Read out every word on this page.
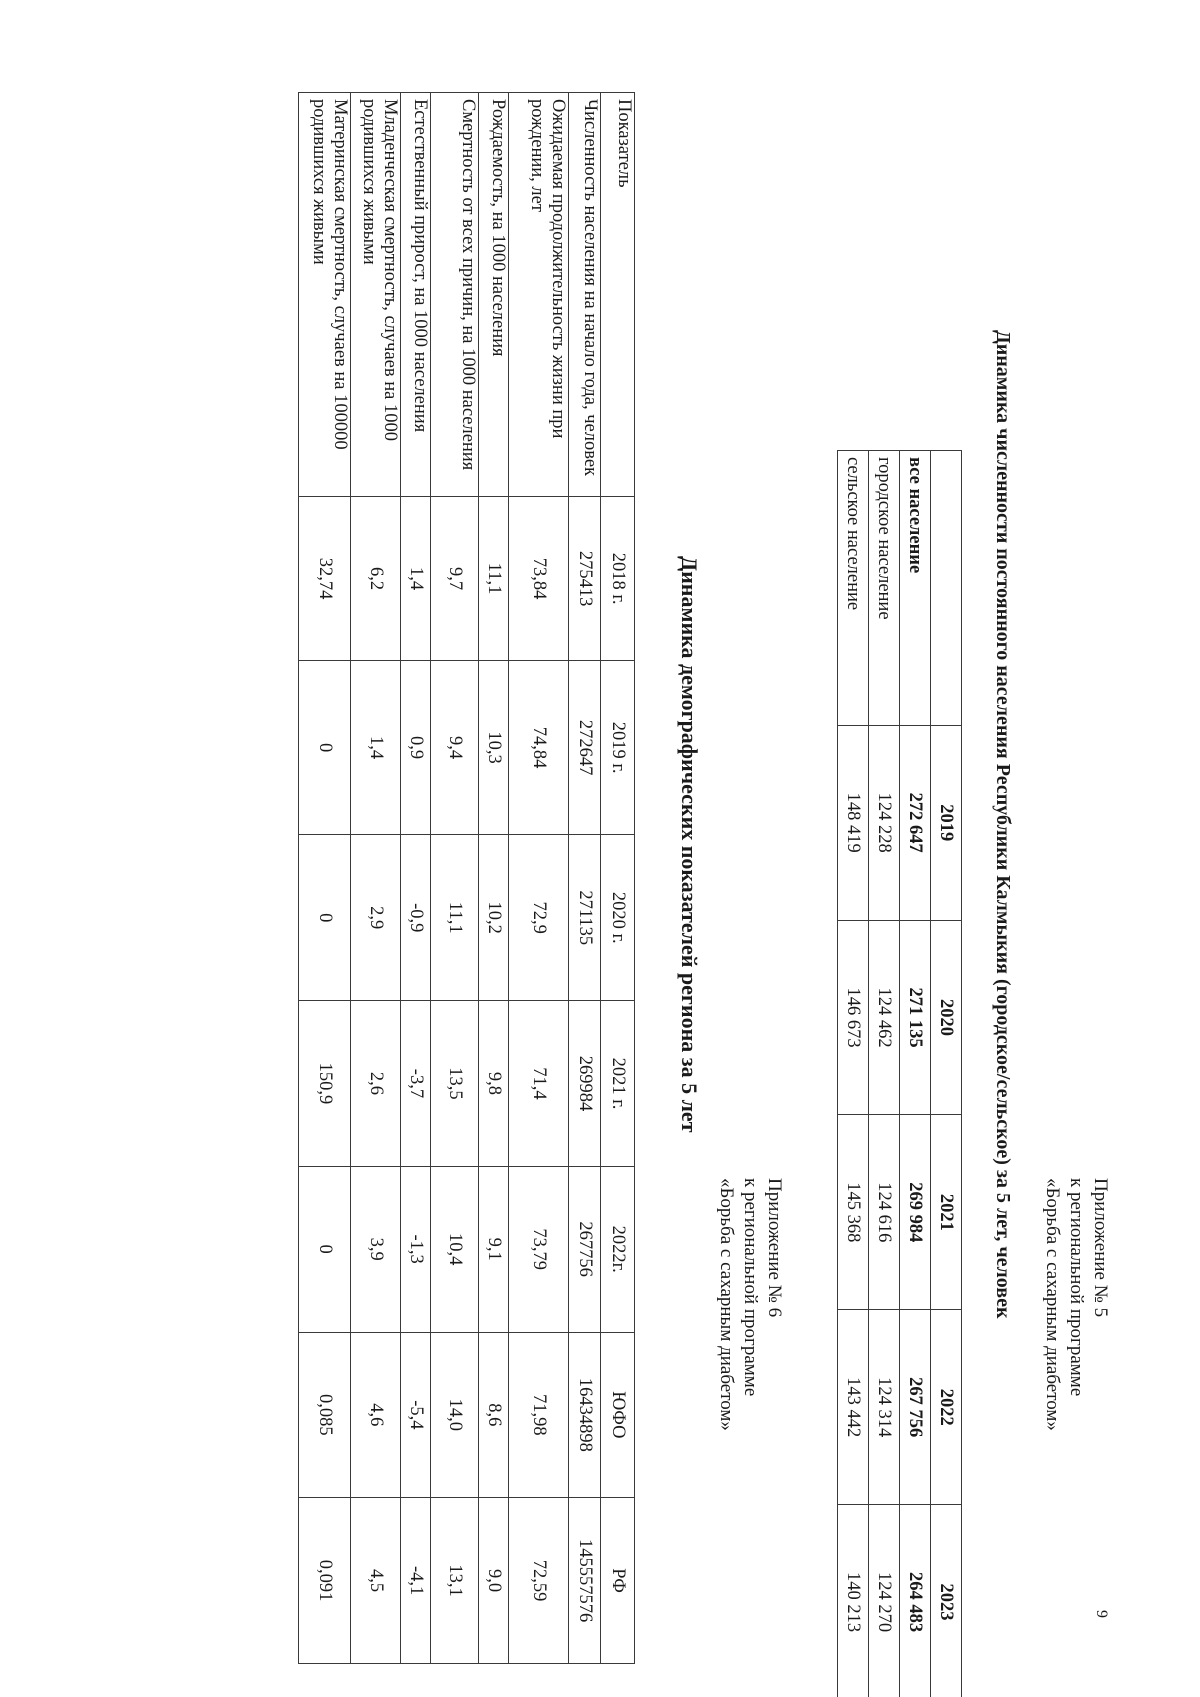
Приложение № 5
к региональной программе
«Борьба с сахарным диабетом»
Динамика численности постоянного населения Республики Калмыкия (городское/сельское) за 5 лет, человек
	2019	2020	2021	2022	2023
все население	272 647	271 135	269 984	267 756	264 483
городское население	124 228	124 462	124 616	124 314	124 270
сельское население	148 419	146 673	145 368	143 442	140 213
Приложение № 6
к региональной программе
«Борьба с сахарным диабетом»
Динамика демографических показателей региона за 5 лет
Показатель	2018 г.	2019 г.	2020 г.	2021 г.	2022г.	ЮФО	РФ
Численность населения на начало года, человек	275413	272647	271135	269984	267756	16434898	145557576
Ожидаемая продолжительность жизни при рождении, лет	73,84	74,84	72,9	71,4	73,79	71,98	72,59
Рождаемость, на 1000 населения	11,1	10,3	10,2	9,8	9,1	8,6	9,0
Смертность от всех причин, на 1000 населения	9,7	9,4	11,1	13,5	10,4	14,0	13,1
Естественный прирост, на 1000 населения	1,4	0,9	-0,9	-3,7	-1,3	-5,4	-4,1
Младенческая смертность, случаев на 1000 родившихся живыми	6,2	1,4	2,9	2,6	3,9	4,6	4,5
Материнская смертность, случаев на 100000 родившихся живыми	32,74	0	0	150,9	0	0,085	0,091
9
